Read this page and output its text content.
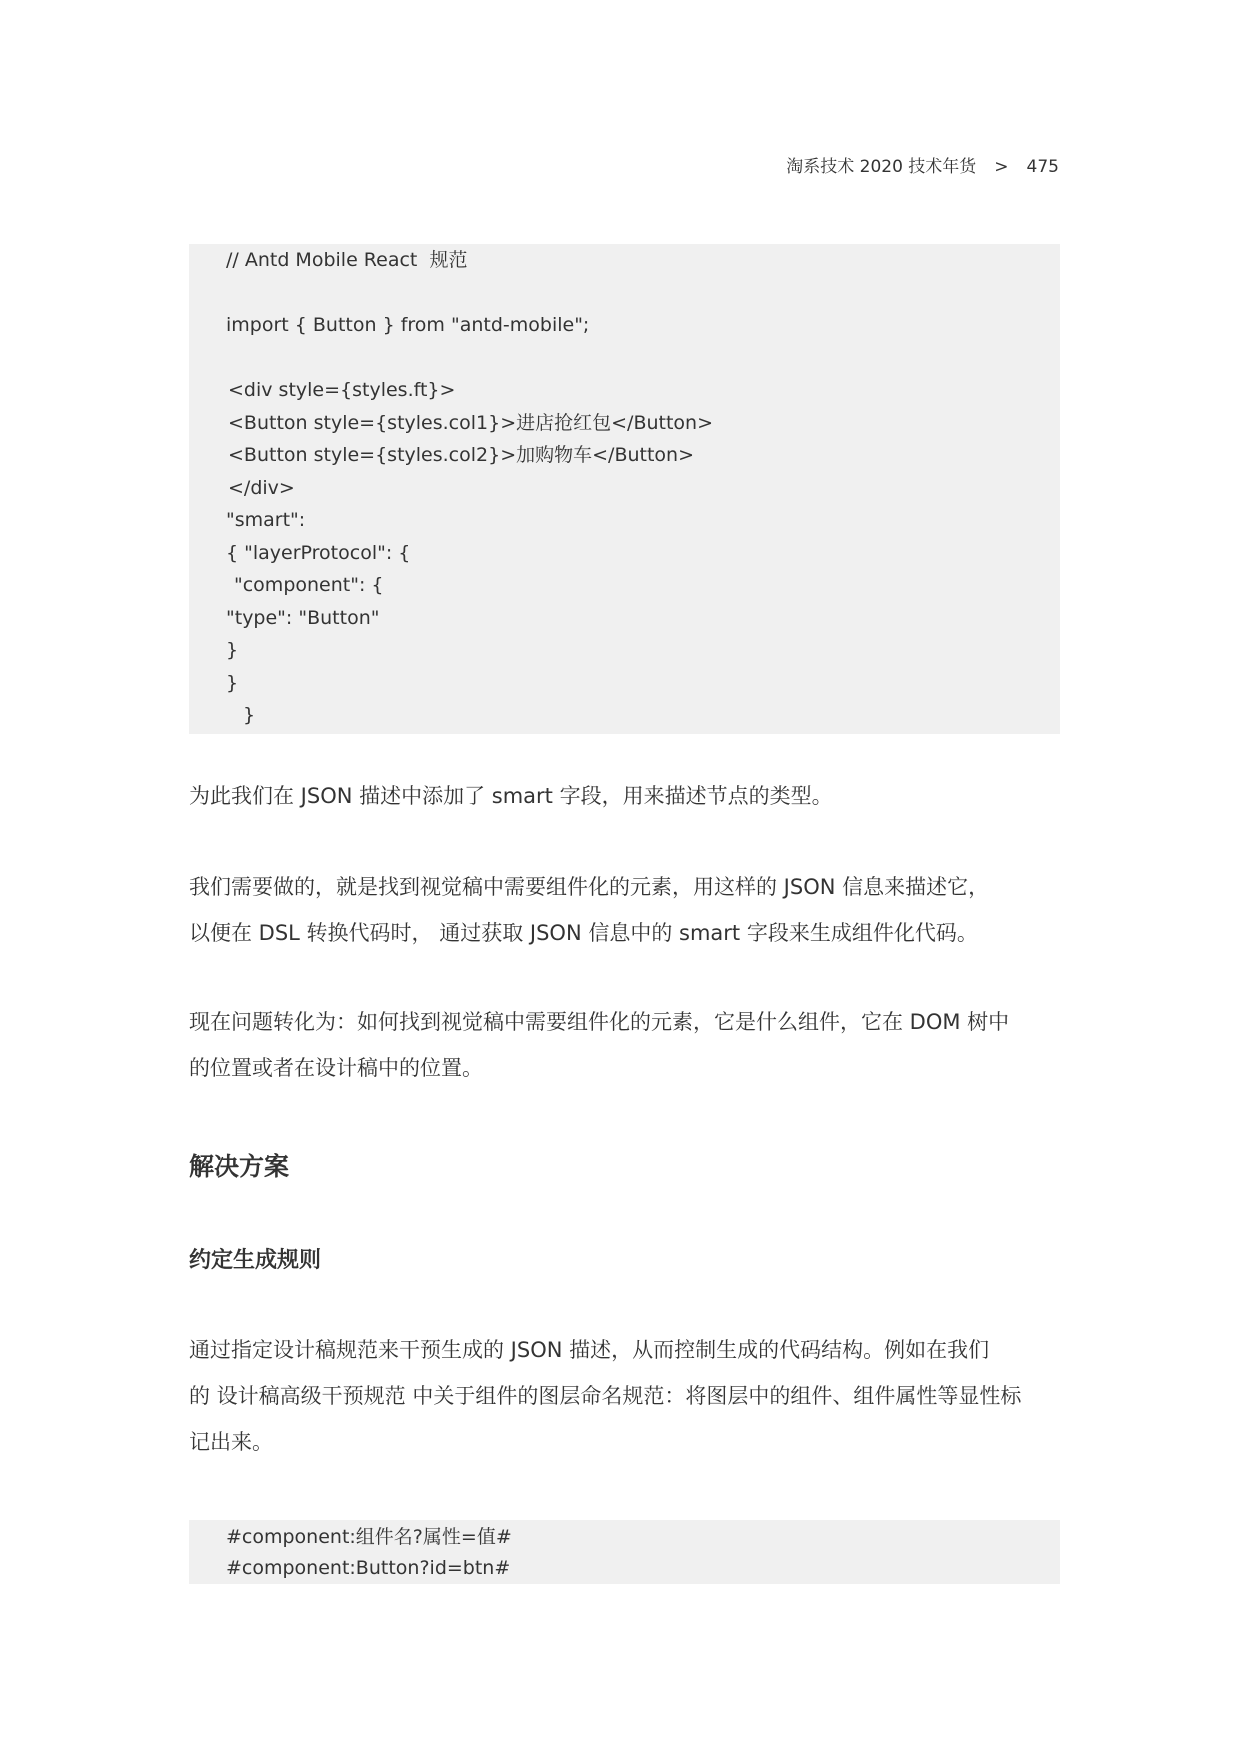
淘系技术 2020 技术年货 > 475
// Antd Mobile React  规范
import { Button } from "antd-mobile";
<div style={styles.ft}>
<Button style={styles.col1}>进店抢红包</Button>
<Button style={styles.col2}>加购物车</Button>
</div>
"smart":
{ "layerProtocol": {
"component": {
"type": "Button"
}
}
}

为此我们在 JSON 描述中添加了 smart 字段，用来描述节点的类型。

我们需要做的，就是找到视觉稿中需要组件化的元素，用这样的 JSON 信息来描述它，
以便在 DSL 转换代码时， 通过获取 JSON 信息中的 smart 字段来生成组件化代码。

现在问题转化为：如何找到视觉稿中需要组件化的元素，它是什么组件，它在 DOM 树中
的位置或者在设计稿中的位置。

解决方案
约定生成规则

通过指定设计稿规范来干预生成的 JSON 描述，从而控制生成的代码结构。例如在我们
的 设计稿高级干预规范 中关于组件的图层命名规范：将图层中的组件、组件属性等显性标
记出来。

#component:组件名?属性=值#
#component:Button?id=btn#
